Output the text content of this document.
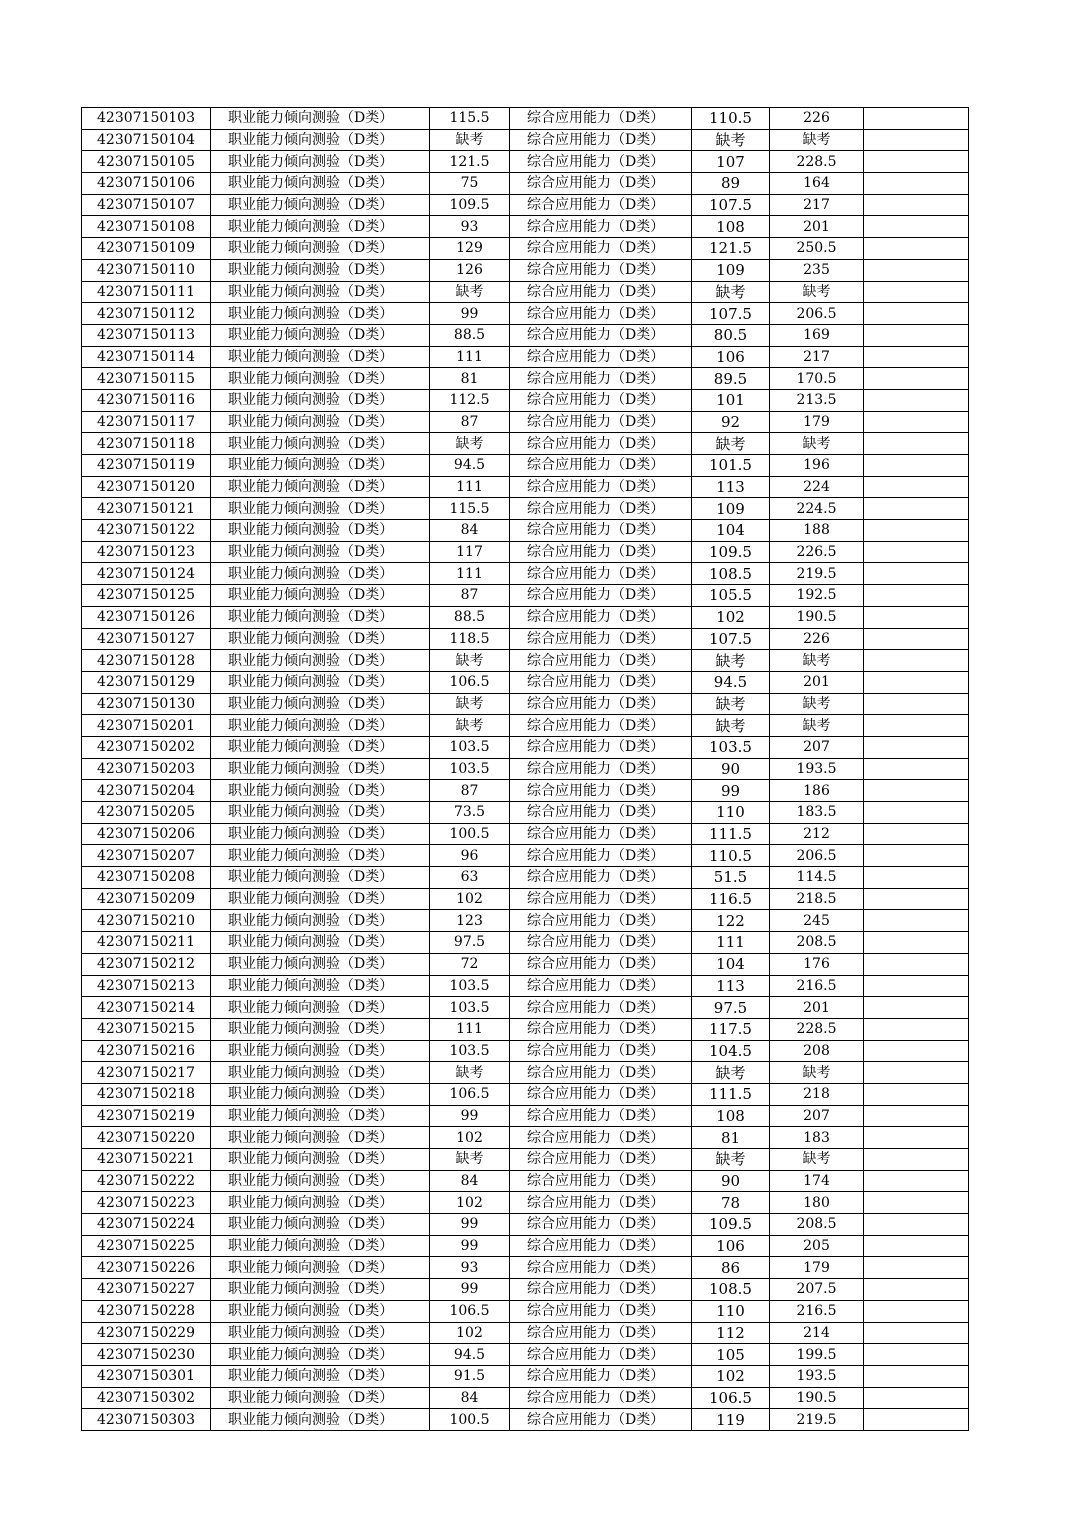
42307150103	职业能力倾向测验（D类）	115.5	综合应用能力（D类）	110.5	226	
42307150104	职业能力倾向测验（D类）	缺考	综合应用能力（D类）	缺考	缺考	
42307150105	职业能力倾向测验（D类）	121.5	综合应用能力（D类）	107	228.5	
42307150106	职业能力倾向测验（D类）	75	综合应用能力（D类）	89	164	
42307150107	职业能力倾向测验（D类）	109.5	综合应用能力（D类）	107.5	217	
42307150108	职业能力倾向测验（D类）	93	综合应用能力（D类）	108	201	
42307150109	职业能力倾向测验（D类）	129	综合应用能力（D类）	121.5	250.5	
42307150110	职业能力倾向测验（D类）	126	综合应用能力（D类）	109	235	
42307150111	职业能力倾向测验（D类）	缺考	综合应用能力（D类）	缺考	缺考	
42307150112	职业能力倾向测验（D类）	99	综合应用能力（D类）	107.5	206.5	
42307150113	职业能力倾向测验（D类）	88.5	综合应用能力（D类）	80.5	169	
42307150114	职业能力倾向测验（D类）	111	综合应用能力（D类）	106	217	
42307150115	职业能力倾向测验（D类）	81	综合应用能力（D类）	89.5	170.5	
42307150116	职业能力倾向测验（D类）	112.5	综合应用能力（D类）	101	213.5	
42307150117	职业能力倾向测验（D类）	87	综合应用能力（D类）	92	179	
42307150118	职业能力倾向测验（D类）	缺考	综合应用能力（D类）	缺考	缺考	
42307150119	职业能力倾向测验（D类）	94.5	综合应用能力（D类）	101.5	196	
42307150120	职业能力倾向测验（D类）	111	综合应用能力（D类）	113	224	
42307150121	职业能力倾向测验（D类）	115.5	综合应用能力（D类）	109	224.5	
42307150122	职业能力倾向测验（D类）	84	综合应用能力（D类）	104	188	
42307150123	职业能力倾向测验（D类）	117	综合应用能力（D类）	109.5	226.5	
42307150124	职业能力倾向测验（D类）	111	综合应用能力（D类）	108.5	219.5	
42307150125	职业能力倾向测验（D类）	87	综合应用能力（D类）	105.5	192.5	
42307150126	职业能力倾向测验（D类）	88.5	综合应用能力（D类）	102	190.5	
42307150127	职业能力倾向测验（D类）	118.5	综合应用能力（D类）	107.5	226	
42307150128	职业能力倾向测验（D类）	缺考	综合应用能力（D类）	缺考	缺考	
42307150129	职业能力倾向测验（D类）	106.5	综合应用能力（D类）	94.5	201	
42307150130	职业能力倾向测验（D类）	缺考	综合应用能力（D类）	缺考	缺考	
42307150201	职业能力倾向测验（D类）	缺考	综合应用能力（D类）	缺考	缺考	
42307150202	职业能力倾向测验（D类）	103.5	综合应用能力（D类）	103.5	207	
42307150203	职业能力倾向测验（D类）	103.5	综合应用能力（D类）	90	193.5	
42307150204	职业能力倾向测验（D类）	87	综合应用能力（D类）	99	186	
42307150205	职业能力倾向测验（D类）	73.5	综合应用能力（D类）	110	183.5	
42307150206	职业能力倾向测验（D类）	100.5	综合应用能力（D类）	111.5	212	
42307150207	职业能力倾向测验（D类）	96	综合应用能力（D类）	110.5	206.5	
42307150208	职业能力倾向测验（D类）	63	综合应用能力（D类）	51.5	114.5	
42307150209	职业能力倾向测验（D类）	102	综合应用能力（D类）	116.5	218.5	
42307150210	职业能力倾向测验（D类）	123	综合应用能力（D类）	122	245	
42307150211	职业能力倾向测验（D类）	97.5	综合应用能力（D类）	111	208.5	
42307150212	职业能力倾向测验（D类）	72	综合应用能力（D类）	104	176	
42307150213	职业能力倾向测验（D类）	103.5	综合应用能力（D类）	113	216.5	
42307150214	职业能力倾向测验（D类）	103.5	综合应用能力（D类）	97.5	201	
42307150215	职业能力倾向测验（D类）	111	综合应用能力（D类）	117.5	228.5	
42307150216	职业能力倾向测验（D类）	103.5	综合应用能力（D类）	104.5	208	
42307150217	职业能力倾向测验（D类）	缺考	综合应用能力（D类）	缺考	缺考	
42307150218	职业能力倾向测验（D类）	106.5	综合应用能力（D类）	111.5	218	
42307150219	职业能力倾向测验（D类）	99	综合应用能力（D类）	108	207	
42307150220	职业能力倾向测验（D类）	102	综合应用能力（D类）	81	183	
42307150221	职业能力倾向测验（D类）	缺考	综合应用能力（D类）	缺考	缺考	
42307150222	职业能力倾向测验（D类）	84	综合应用能力（D类）	90	174	
42307150223	职业能力倾向测验（D类）	102	综合应用能力（D类）	78	180	
42307150224	职业能力倾向测验（D类）	99	综合应用能力（D类）	109.5	208.5	
42307150225	职业能力倾向测验（D类）	99	综合应用能力（D类）	106	205	
42307150226	职业能力倾向测验（D类）	93	综合应用能力（D类）	86	179	
42307150227	职业能力倾向测验（D类）	99	综合应用能力（D类）	108.5	207.5	
42307150228	职业能力倾向测验（D类）	106.5	综合应用能力（D类）	110	216.5	
42307150229	职业能力倾向测验（D类）	102	综合应用能力（D类）	112	214	
42307150230	职业能力倾向测验（D类）	94.5	综合应用能力（D类）	105	199.5	
42307150301	职业能力倾向测验（D类）	91.5	综合应用能力（D类）	102	193.5	
42307150302	职业能力倾向测验（D类）	84	综合应用能力（D类）	106.5	190.5	
42307150303	职业能力倾向测验（D类）	100.5	综合应用能力（D类）	119	219.5	
